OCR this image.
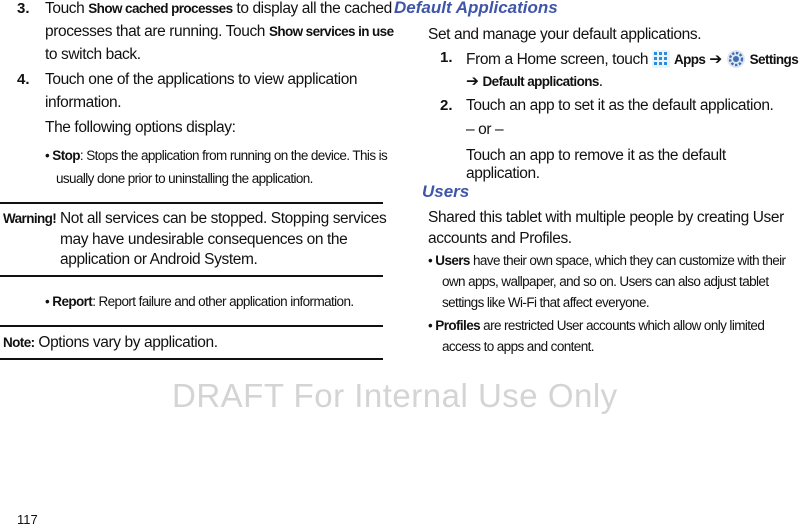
3. Touch Show cached processes to display all the cached
processes that are running. Touch Show services in use
to switch back.
4. Touch one of the applications to view application
information.
The following options display:
• Stop: Stops the application from running on the device. This is
usually done prior to uninstalling the application.
Warning! Not all services can be stopped. Stopping services
may have undesirable consequences on the
application or Android System.
• Report: Report failure and other application information.
Note: Options vary by application.
Default Applications
Set and manage your default applications.
1. From a Home screen, touch
Apps ➔ Settings
➔ Default applications.
2. Touch an app to set it as the default application.
– or –
Touch an app to remove it as the default application.
Users
Shared this tablet with multiple people by creating User
accounts and Profiles.
• Users have their own space, which they can customize with their
own apps, wallpaper, and so on. Users can also adjust tablet
settings like Wi-Fi that affect everyone.
• Profiles are restricted User accounts which allow only limited
access to apps and content.
DRAFT For Internal Use Only
117
